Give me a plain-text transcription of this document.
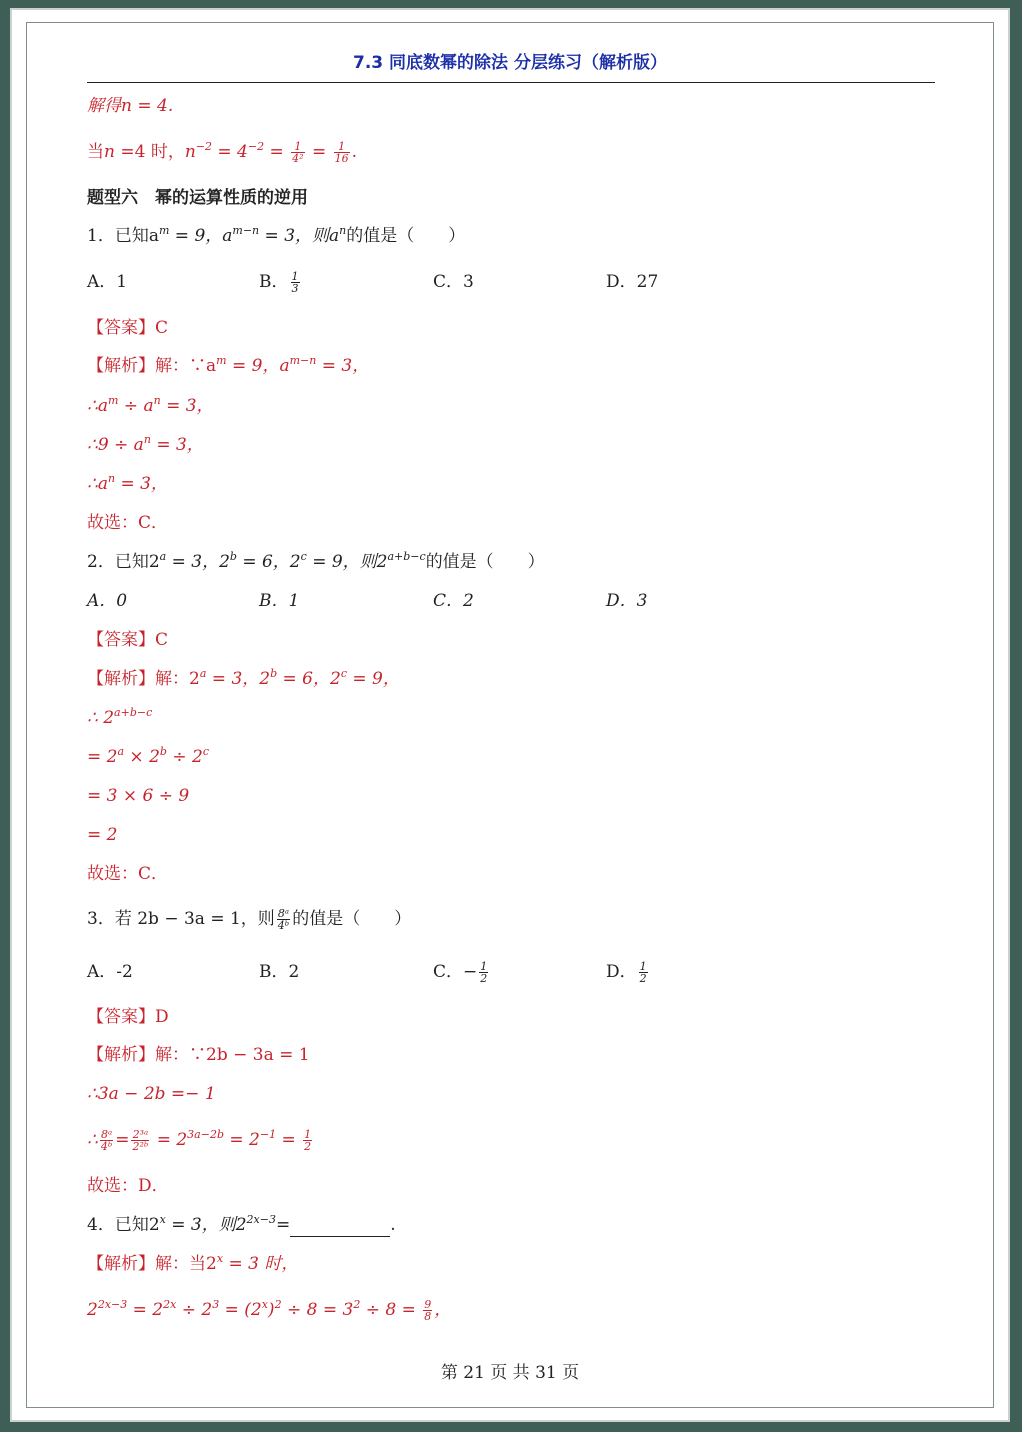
7.3 同底数幂的除法 分层练习（解析版）
解得n = 4.
当n =4 时，$n^{-2} = 4^{-2} = \frac{1}{\text{4²}} = \frac{1}{16}$ .
题型六　幂的运算性质的逆用
1．已知$a^m = 9$，$a^{m-n} = 3$，则$a^n$的值是（　　）
A．1	B． $\frac{1}{3}$	C．3	D．27
【答案】C
【解析】解：$\because a^m = 9$，$a^{m-n} = 3$，
$\therefore a^m \div a^n = 3$，
∴9 ÷ $a^n = 3$，
$\therefore a^n = 3$，
故选：C．
2．已知$2^a = 3$，$2^b = 6$，$2^c = 9$，则$2^{a+b-c}$的值是（　　）
A．0	B．1	C．2	D．3
【答案】C
【解析】解：$2^a = 3$，$2^b = 6$，$2^c = 9$，
∴ $2^{a+b-c}$
= $2^a \times 2^b \div 2^c$
= 3 × 6 ÷ 9
= 2
故选：C．
3．若 2b − 3a = 1，则 $\frac{\text{8ᵃ}}{\text{4ᵇ}}$ 的值是（　　）
A．-2	B．2	C．− $\frac{1}{2}$	D． $\frac{1}{2}$
【答案】D
【解析】解：∵2b − 3a = 1
∴3a − 2b =− 1
∴ $\frac{\text{8ᵃ}}{\text{4ᵇ}} = \frac{\text{2³ᵃ}}{\text{2²ᵇ}} = 2^{3a-2b} = 2^{-1} = \frac{1}{2}$
故选：D．
4．已知$2^x = 3$，则$2^{2x-3}=$	.
【解析】解：当$2^x = 3$ 时，
$2^{2x-3} = 2^{2x} \div 2^3 = (2^x)^2 \div 8 = 3^2 \div 8 = \frac{9}{8}$ ，
第 21 页 共 31 页
